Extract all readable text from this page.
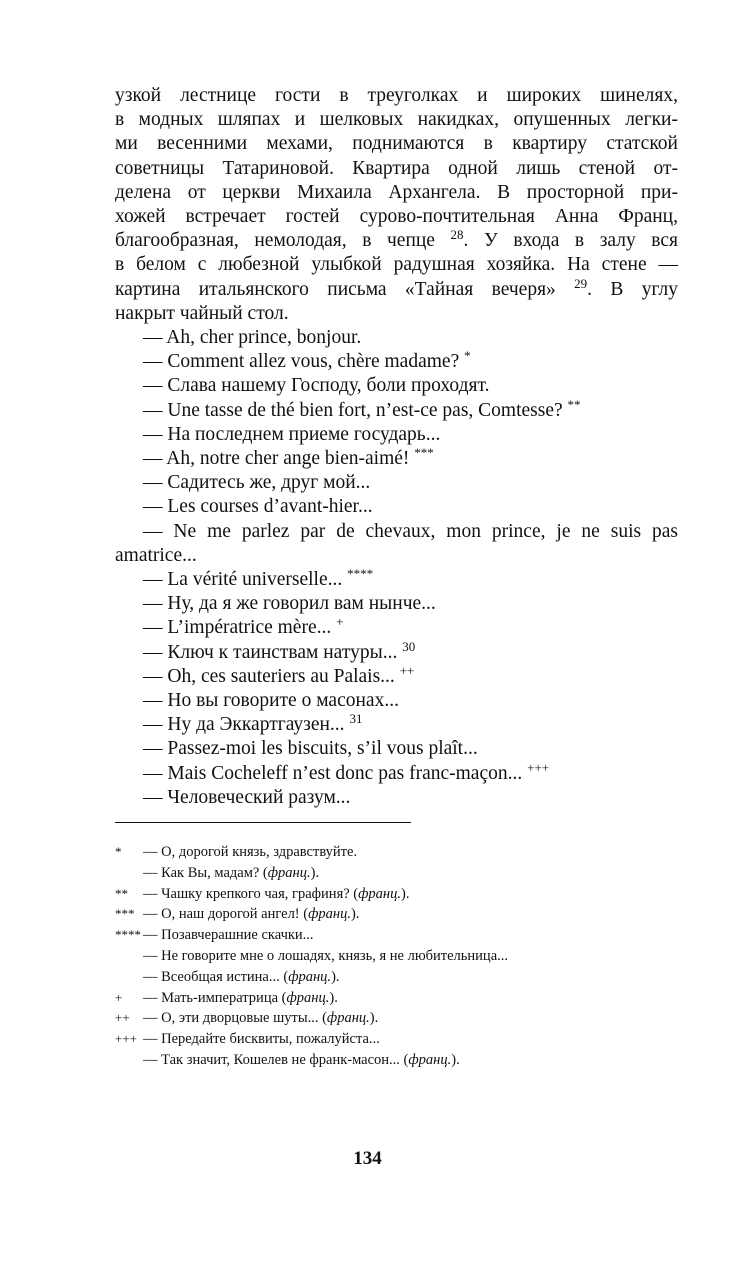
узкой лестнице гости в треуголках и широких шинелях,
в модных шляпах и шелковых накидках, опушенных легки-
ми весенними мехами, поднимаются в квартиру статской
советницы Татариновой. Квартира одной лишь стеной от-
делена от церкви Михаила Архангела. В просторной при-
хожей встречает гостей сурово-почтительная Анна Франц,
благообразная, немолодая, в чепце $^{28}$. У входа в залу вся
в белом с любезной улыбкой радушная хозяйка. На стене —
картина итальянского письма «Тайная вечеря» $^{29}$. В углу
накрыт чайный стол.

— Ah, cher prince, bonjour.
— Comment allez vous, chère madame? *
— Слава нашему Господу, боли проходят.
— Une tasse de thé bien fort, n’est-ce pas, Comtesse? **
— На последнем приеме государь...
— Ah, notre cher ange bien-aimé! ***
— Садитесь же, друг мой...
— Les courses d’avant-hier...
— Ne me parlez par de chevaux, mon prince, je ne suis pas amatrice...
— La vérité universelle... ****
— Ну, да я же говорил вам нынче...
— L’impératrice mère... +
— Ключ к таинствам натуры... $^{30}$
— Oh, ces sauteriers au Palais... ++
— Но вы говорите о масонах...
— Ну да Эккартгаузен... $^{31}$
— Passez-moi les biscuits, s’il vous plaît...
— Mais Cocheleff n’est donc pas franc-maçon... +++
— Человеческий разум...
*	— О, дорогой князь, здравствуйте.
— Как Вы, мадам? (франц.).
**	— Чашку крепкого чая, графиня? (франц.).
*** — О, наш дорогой ангел! (франц.).
**** — Позавчерашние скачки...
— Не говорите мне о лошадях, князь, я не любительница...
— Всеобщая истина... (франц.).
+	— Мать-императрица (франц.).
++ — О, эти дворцовые шуты... (франц.).
+++ — Передайте бисквиты, пожалуйста...
— Так значит, Кошелев не франк-масон... (франц.).
134
